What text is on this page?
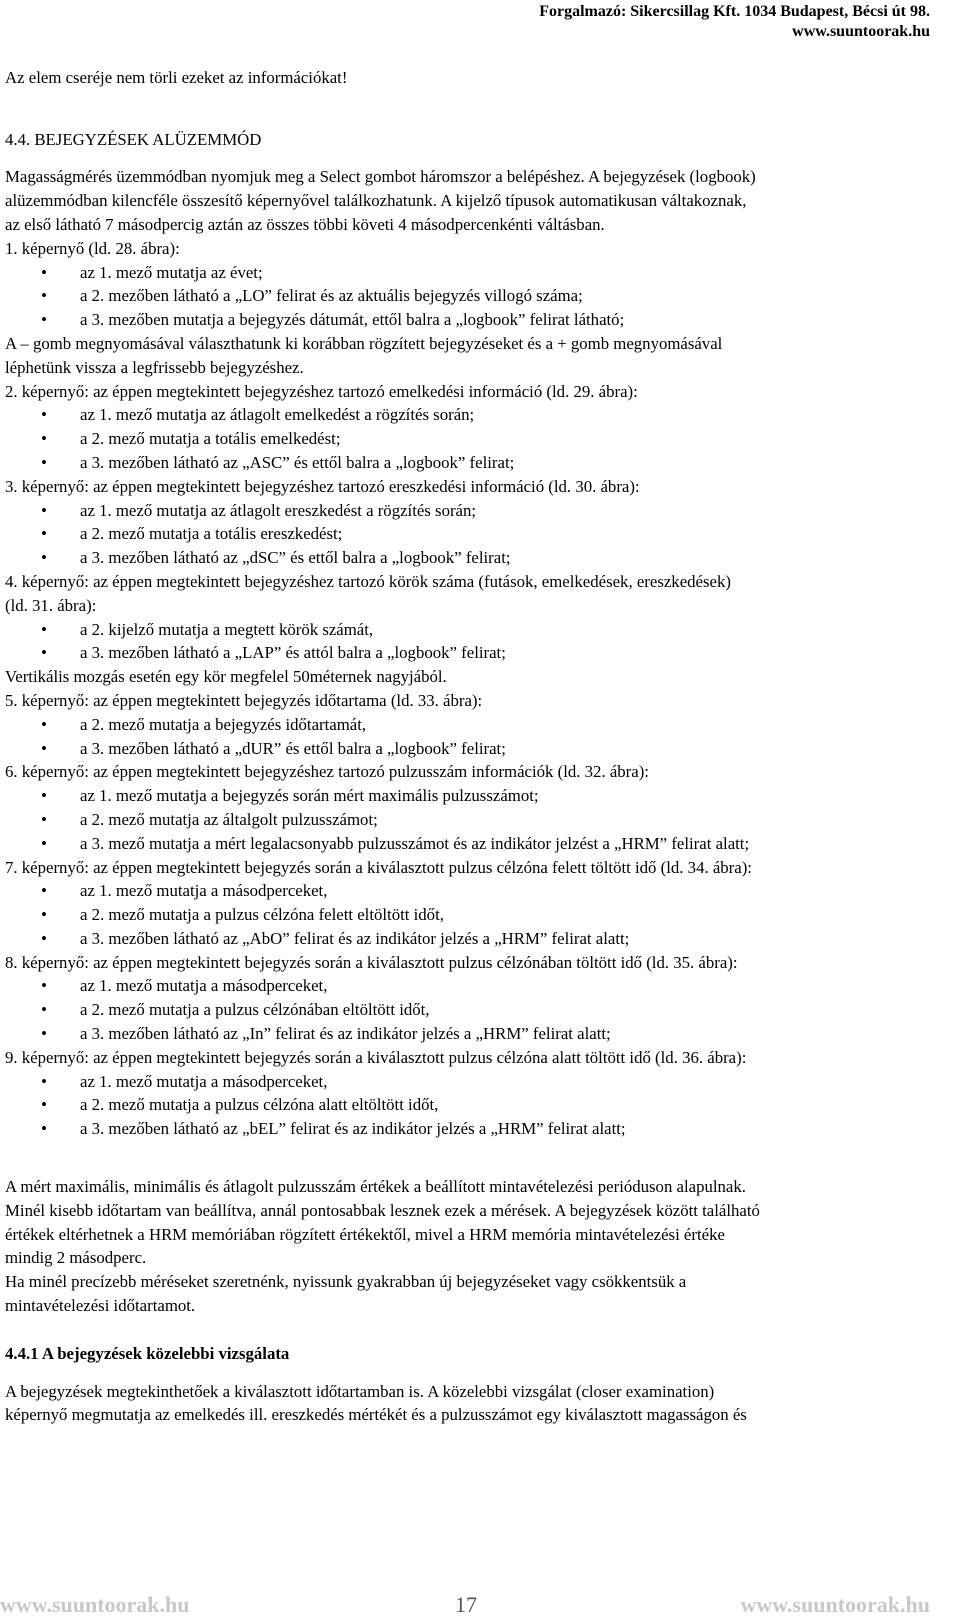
Forgalmazó: Sikercsillag Kft. 1034 Budapest, Bécsi út 98.
www.suuntoorak.hu
Az elem cseréje nem törli ezeket az információkat!
4.4. BEJEGYZÉSEK ALÜZEMMÓD
Magasságmérés üzemmódban nyomjuk meg a Select gombot háromszor a belépéshez. A bejegyzések (logbook)
alüzemmódban kilencféle összesítő képernyővel találkozhatunk. A kijelző típusok automatikusan váltakoznak,
az első látható 7 másodpercig aztán az összes többi követi 4 másodpercenkénti váltásban.
1. képernyő (ld. 28. ábra):
• az 1. mező mutatja az évet;
• a 2. mezőben látható a „LO” felirat és az aktuális bejegyzés villogó száma;
• a 3. mezőben mutatja a bejegyzés dátumát, ettől balra a „logbook” felirat látható;
A – gomb megnyomásával választhatunk ki korábban rögzített bejegyzéseket és a + gomb megnyomásával
léphetünk vissza a legfrissebb bejegyzéshez.
2. képernyő: az éppen megtekintett bejegyzéshez tartozó emelkedési információ (ld. 29. ábra):
• az 1. mező mutatja az átlagolt emelkedést a rögzítés során;
• a 2. mező mutatja a totális emelkedést;
• a 3. mezőben látható az „ASC” és ettől balra a „logbook” felirat;
3. képernyő: az éppen megtekintett bejegyzéshez tartozó ereszkedési információ (ld. 30. ábra):
• az 1. mező mutatja az átlagolt ereszkedést a rögzítés során;
• a 2. mező mutatja a totális ereszkedést;
• a 3. mezőben látható az „dSC” és ettől balra a „logbook” felirat;
4. képernyő: az éppen megtekintett bejegyzéshez tartozó körök száma (futások, emelkedések, ereszkedések)
(ld. 31. ábra):
• a 2. kijelző mutatja a megtett körök számát,
• a 3. mezőben látható a „LAP” és attól balra a „logbook” felirat;
Vertikális mozgás esetén egy kör megfelel 50méternek nagyjából.
5. képernyő: az éppen megtekintett bejegyzés időtartama (ld. 33. ábra):
• a 2. mező mutatja a bejegyzés időtartamát,
• a 3. mezőben látható a „dUR” és ettől balra a „logbook” felirat;
6. képernyő: az éppen megtekintett bejegyzéshez tartozó pulzusszám információk (ld. 32. ábra):
• az 1. mező mutatja a bejegyzés során mért maximális pulzusszámot;
• a 2. mező mutatja az általgolt pulzusszámot;
• a 3. mező mutatja a mért legalacsonyabb pulzusszámot és az indikátor jelzést a „HRM” felirat alatt;
7. képernyő: az éppen megtekintett bejegyzés során a kiválasztott pulzus célzóna felett töltött idő (ld. 34. ábra):
• az 1. mező mutatja a másodperceket,
• a 2. mező mutatja a pulzus célzóna felett eltöltött időt,
• a 3. mezőben látható az „AbO” felirat és az indikátor jelzés a „HRM” felirat alatt;
8. képernyő: az éppen megtekintett bejegyzés során a kiválasztott pulzus célzónában töltött idő (ld. 35. ábra):
• az 1. mező mutatja a másodperceket,
• a 2. mező mutatja a pulzus célzónában eltöltött időt,
• a 3. mezőben látható az „In” felirat és az indikátor jelzés a „HRM” felirat alatt;
9. képernyő: az éppen megtekintett bejegyzés során a kiválasztott pulzus célzóna alatt töltött idő (ld. 36. ábra):
• az 1. mező mutatja a másodperceket,
• a 2. mező mutatja a pulzus célzóna alatt eltöltött időt,
• a 3. mezőben látható az „bEL” felirat és az indikátor jelzés a „HRM” felirat alatt;
A mért maximális, minimális és átlagolt pulzusszám értékek a beállított mintavételezési perióduson alapulnak.
Minél kisebb időtartam van beállítva, annál pontosabbak lesznek ezek a mérések. A bejegyzések között található
értékek eltérhetnek a HRM memóriában rögzített értékektől, mivel a HRM memória mintavételezési értéke
mindig 2 másodperc.
Ha minél precízebb méréseket szeretnénk, nyissunk gyakrabban új bejegyzéseket vagy csökkentsük a
mintavételezési időtartamot.
4.4.1 A bejegyzések közelebbi vizsgálata
A bejegyzések megtekinthetőek a kiválasztott időtartamban is. A közelebbi vizsgálat (closer examination)
képernyő megmutatja az emelkedés ill. ereszkedés mértékét és a pulzusszámot egy kiválasztott magasságon és
www.suuntoorak.hu	17	www.suuntoorak.hu
